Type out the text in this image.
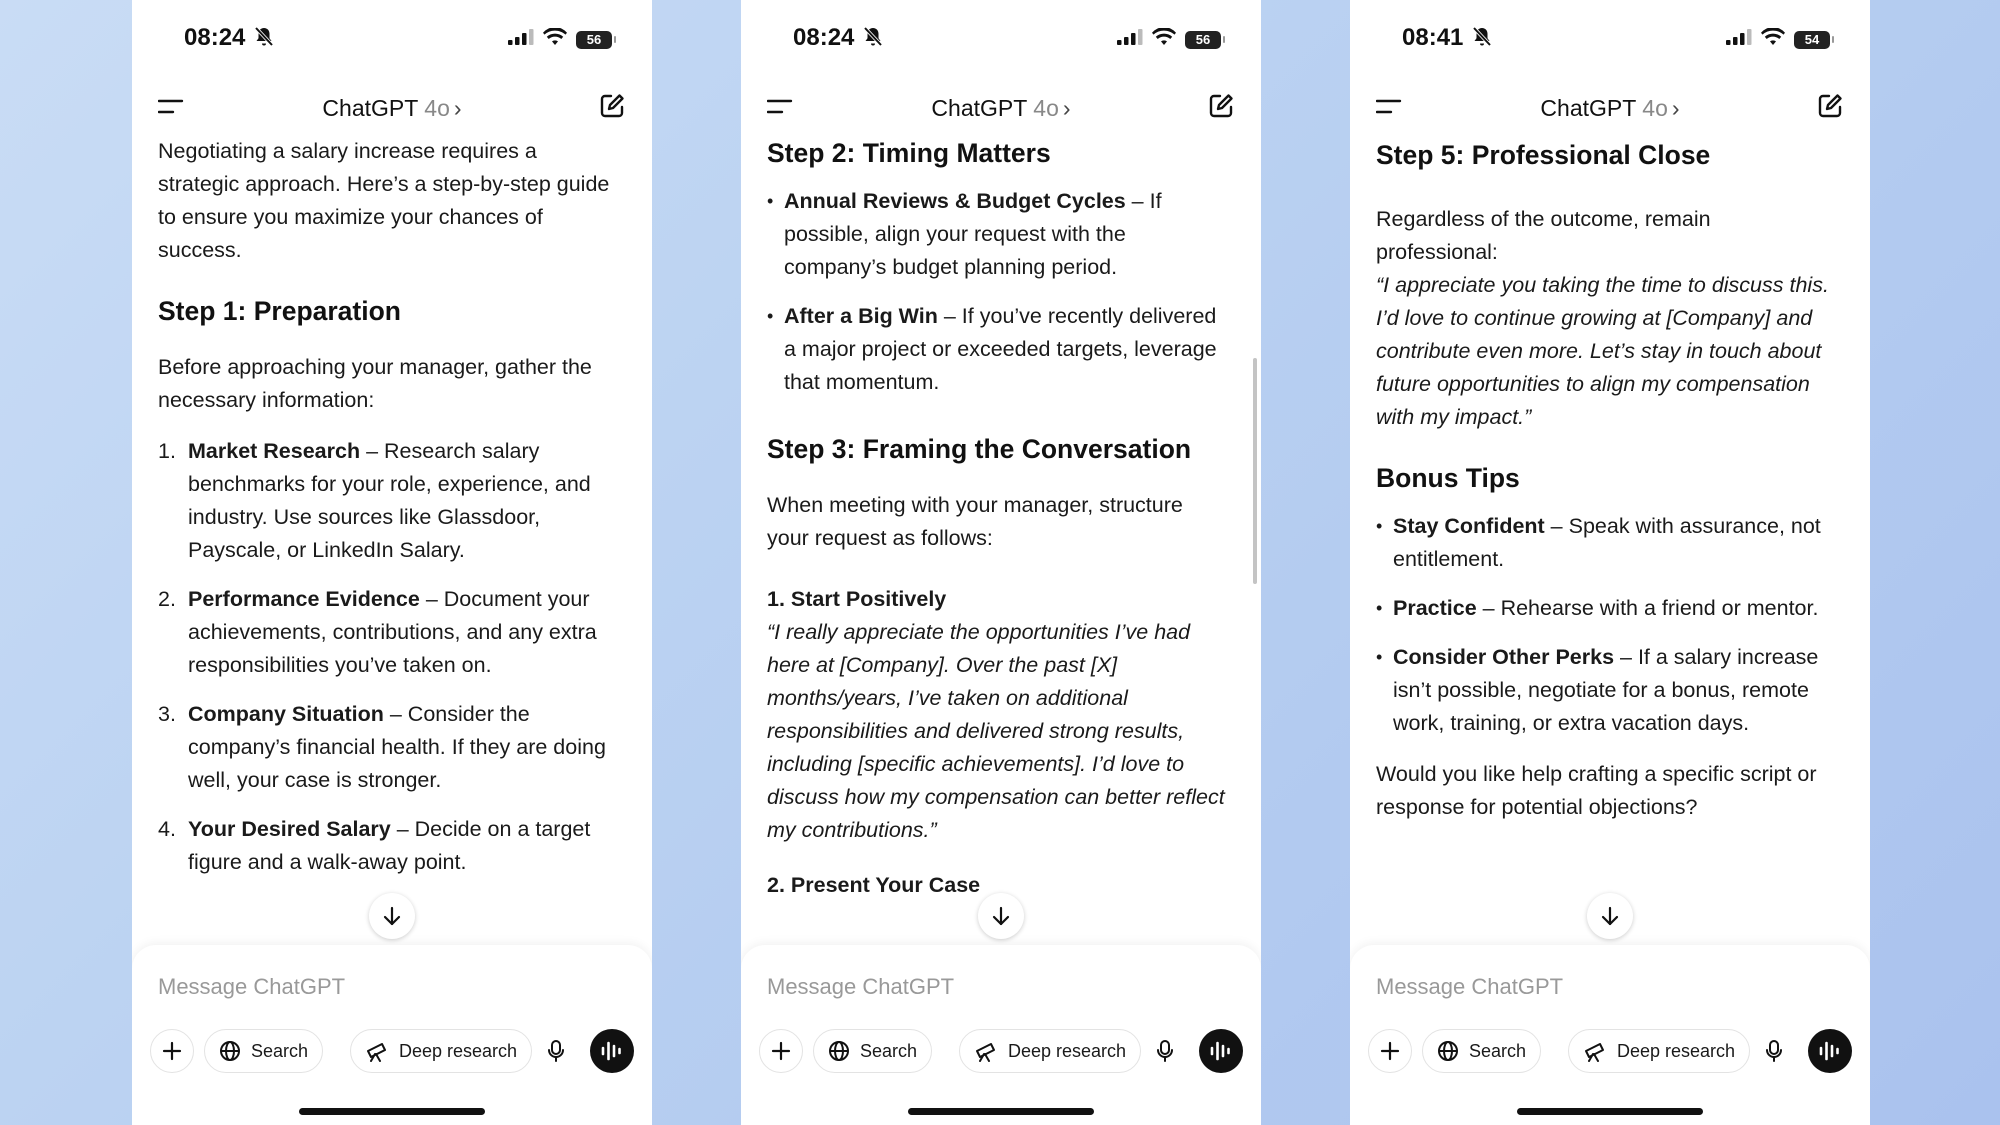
08:24	56
ChatGPT 4o ›

Negotiating a salary increase requires a strategic approach. Here’s a step-by-step guide to ensure you maximize your chances of success.

Step 1: Preparation

Before approaching your manager, gather the necessary information:

1. Market Research – Research salary benchmarks for your role, experience, and industry. Use sources like Glassdoor, Payscale, or LinkedIn Salary.
2. Performance Evidence – Document your achievements, contributions, and any extra responsibilities you’ve taken on.
3. Company Situation – Consider the company’s financial health. If they are doing well, your case is stronger.
4. Your Desired Salary – Decide on a target figure and a walk-away point.
Message ChatGPT
Search	Deep research
08:24	56
ChatGPT 4o ›
Step 2: Timing Matters
• Annual Reviews & Budget Cycles – If possible, align your request with the company’s budget planning period.
• After a Big Win – If you’ve recently delivered a major project or exceeded targets, leverage that momentum.
Step 3: Framing the Conversation

When meeting with your manager, structure your request as follows:

1. Start Positively

“I really appreciate the opportunities I’ve had here at [Company]. Over the past [X] months/years, I’ve taken on additional responsibilities and delivered strong results, including [specific achievements]. I’d love to discuss how my compensation can better reflect my contributions.”

2. Present Your Case

Message ChatGPT
Search	Deep research
08:41	54
ChatGPT 4o ›
Step 5: Professional Close

Regardless of the outcome, remain professional:

“I appreciate you taking the time to discuss this. I’d love to continue growing at [Company] and contribute even more. Let’s stay in touch about future opportunities to align my compensation with my impact.”

Bonus Tips
• Stay Confident – Speak with assurance, not entitlement.
• Practice – Rehearse with a friend or mentor.
• Consider Other Perks – If a salary increase isn’t possible, negotiate for a bonus, remote work, training, or extra vacation days.

Would you like help crafting a specific script or response for potential objections?

Message ChatGPT
Search	Deep research
